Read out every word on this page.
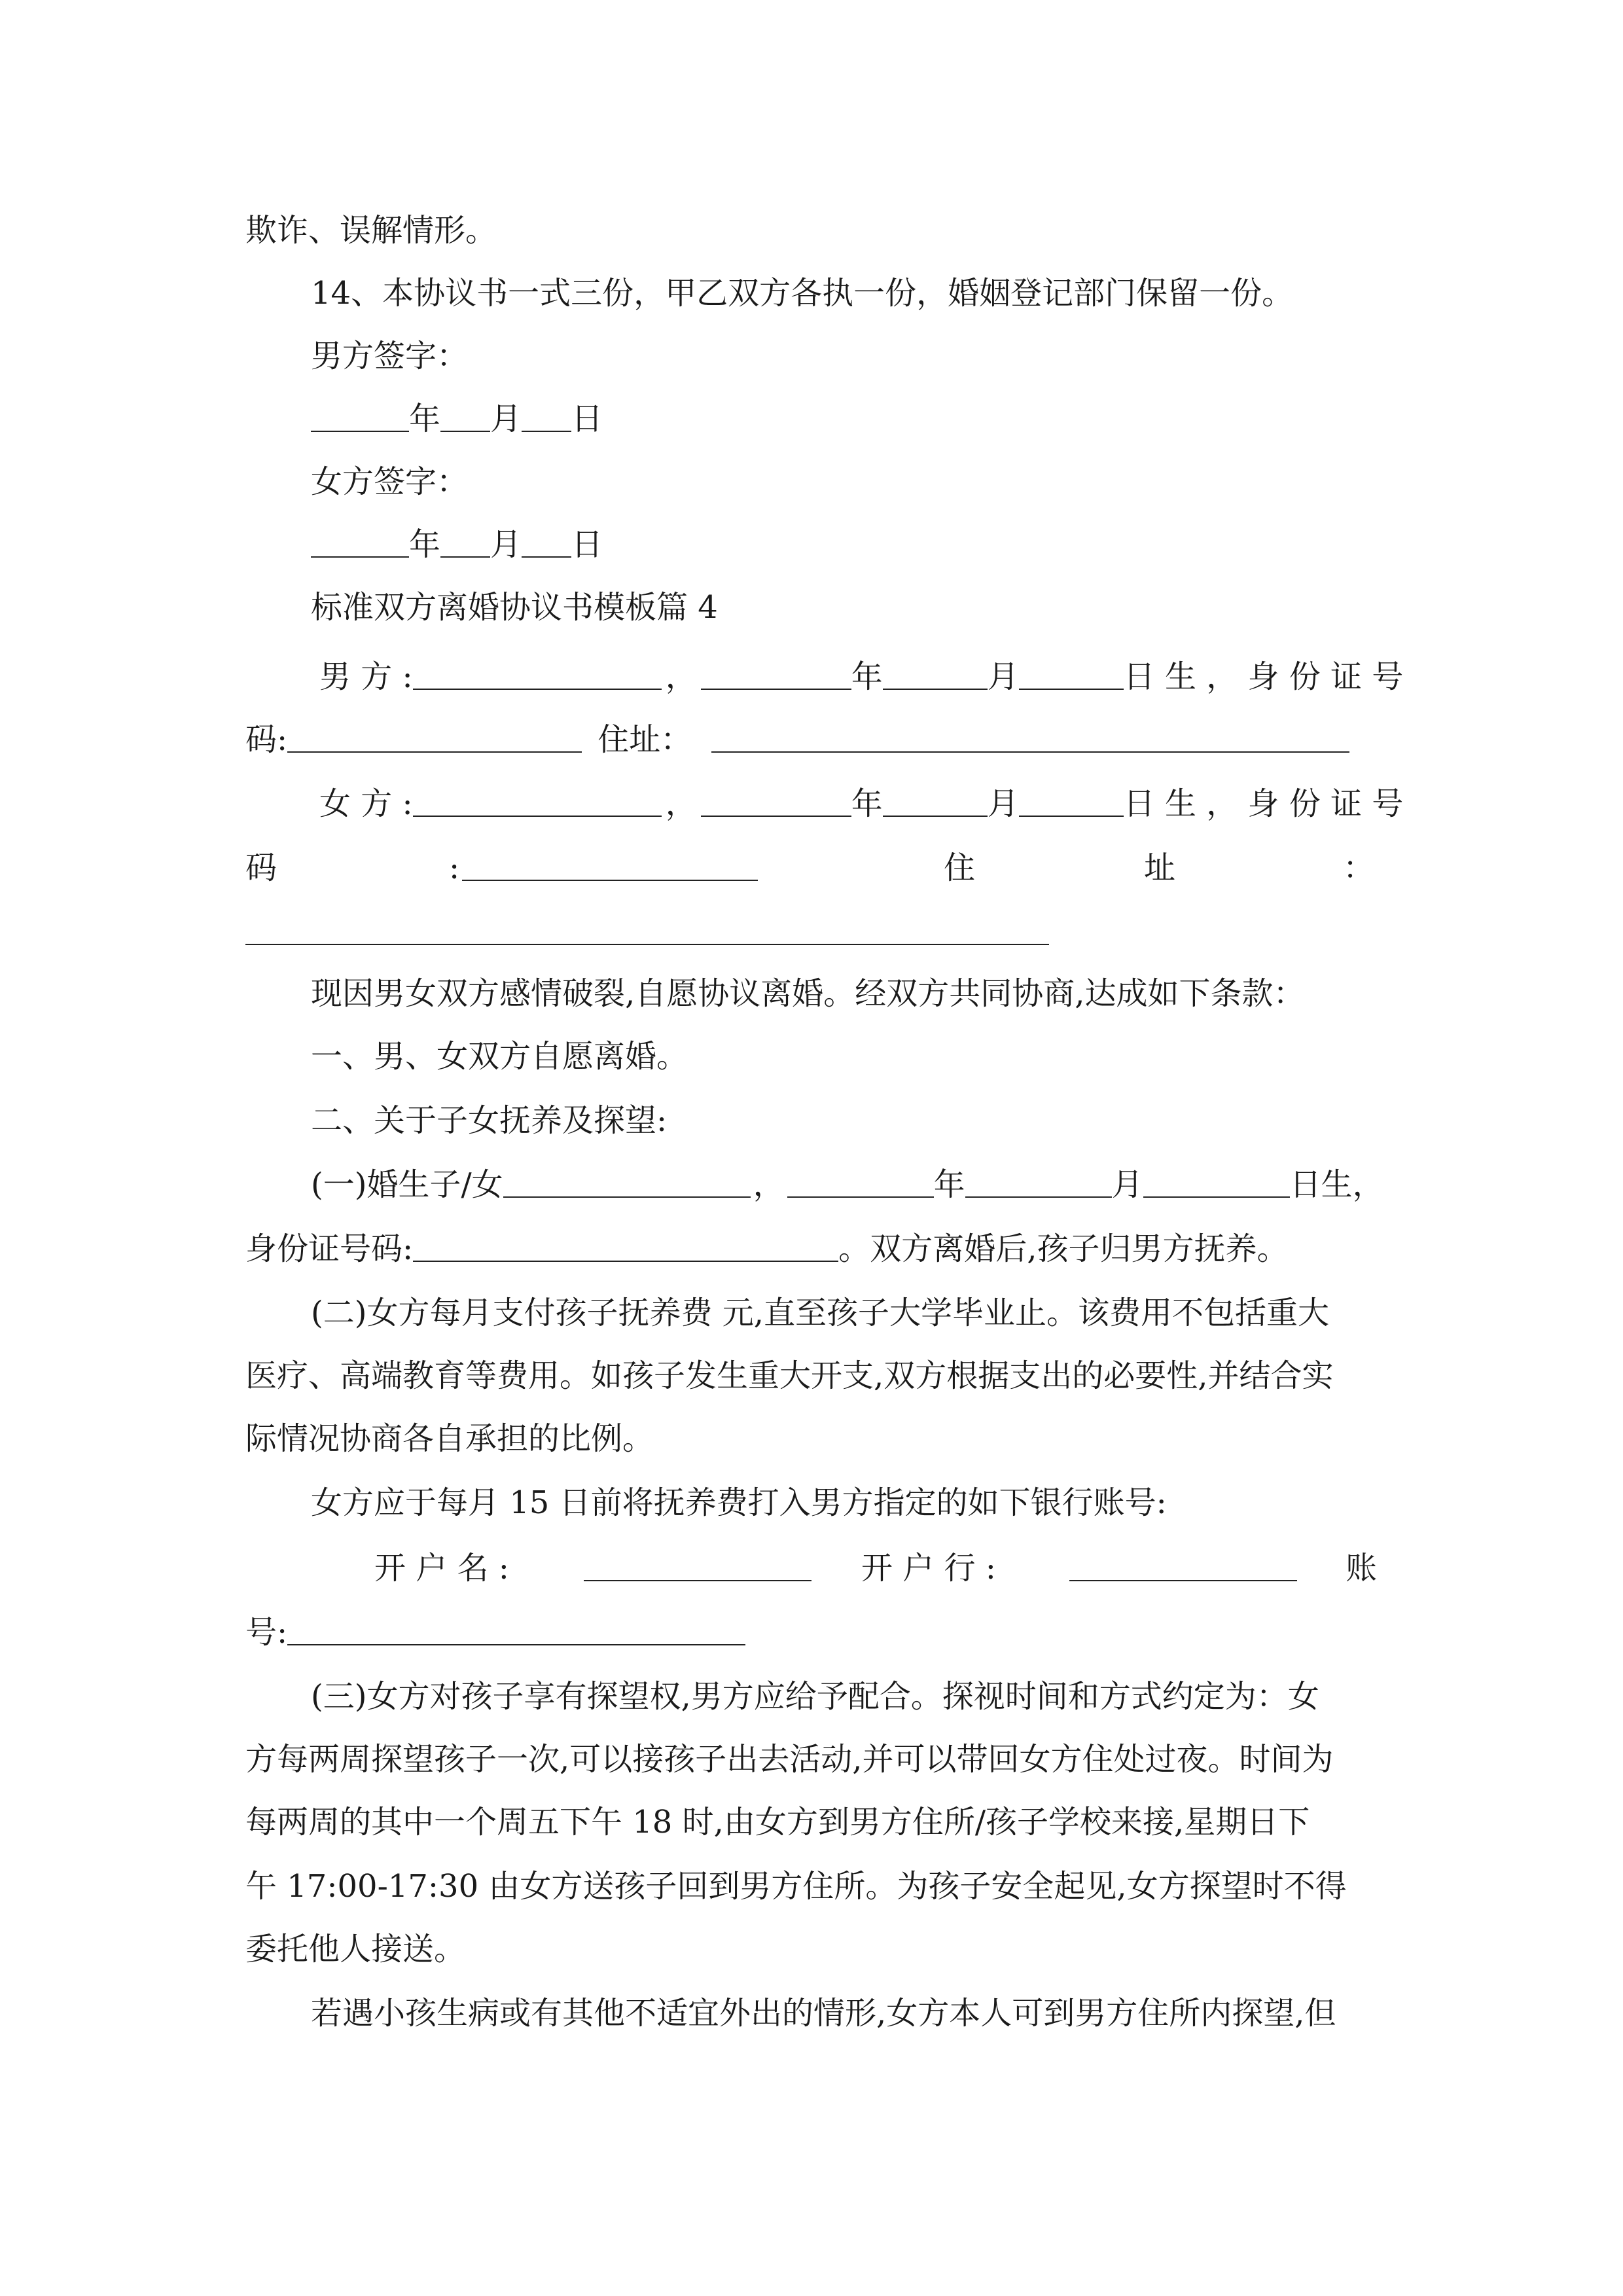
欺诈、误解情形。
14、本协议书一式三份，甲乙双方各执一份，婚姻登记部门保留一份。
男方签字：
年 月 日
女方签字：
年 月 日
标准双方离婚协议书模板篇 4
男 方 :	，	年	月	日 生 ， 身 份 证 号
码:	住址：
女 方 :	，	年	月	日 生 ， 身 份 证 号
码	:	住	址	：
现因男女双方感情破裂,自愿协议离婚。经双方共同协商,达成如下条款：
一、男、女双方自愿离婚。
二、关于子女抚养及探望:
(一)婚生子/女	，	年	月	日生，
身份证号码:	。双方离婚后,孩子归男方抚养。
(二)女方每月支付孩子抚养费 元,直至孩子大学毕业止。该费用不包括重大
医疗、高端教育等费用。如孩子发生重大开支,双方根据支出的必要性,并结合实
际情况协商各自承担的比例。
女方应于每月 15 日前将抚养费打入男方指定的如下银行账号:
开 户 名 :	开 户 行 :	账
号:
(三)女方对孩子享有探望权,男方应给予配合。探视时间和方式约定为：女
方每两周探望孩子一次,可以接孩子出去活动,并可以带回女方住处过夜。时间为
每两周的其中一个周五下午 18 时,由女方到男方住所/孩子学校来接,星期日下
午 17:00-17:30 由女方送孩子回到男方住所。为孩子安全起见,女方探望时不得
委托他人接送。
若遇小孩生病或有其他不适宜外出的情形,女方本人可到男方住所内探望,但
